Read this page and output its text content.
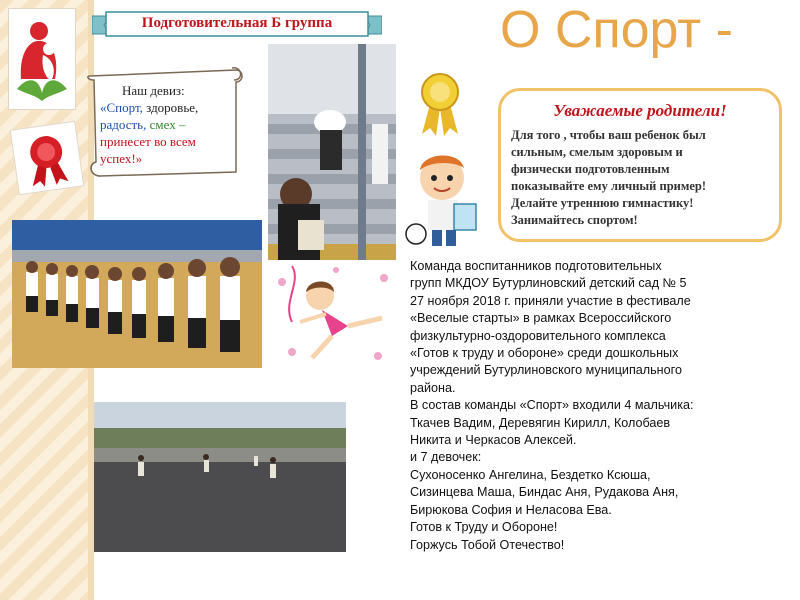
Подготовительная Б группа	О Спорт -
Наш девиз:
«Спорт, здоровье,
радость, смех –
принесет во всем
успех!»
Уважаемые родители!
Для того , чтобы ваш ребенок был
сильным, смелым здоровым и
физически подготовленным
показывайте ему личный пример!
Делайте утреннюю гимнастику!
Занимайтесь спортом!
Команда воспитанников подготовительных
групп МКДОУ Бутурлиновский детский сад № 5
27 ноября 2018 г. приняли участие в фестивале
«Веселые старты» в рамках Всероссийского
физкультурно-оздоровительного комплекса
«Готов к труду и обороне» среди дошкольных
учреждений Бутурлиновского муниципального
района.
В состав команды «Спорт» входили 4 мальчика:
Ткачев Вадим, Деревягин Кирилл, Колобаев
Никита и Черкасов Алексей.
и 7 девочек:
Сухоносенко Ангелина, Бездетко Ксюша,
Сизинцева Маша, Биндас Аня, Рудакова Аня,
Бирюкова София и Неласова Ева.
Готов к Труду и Обороне!
Горжусь Тобой Отечество!
